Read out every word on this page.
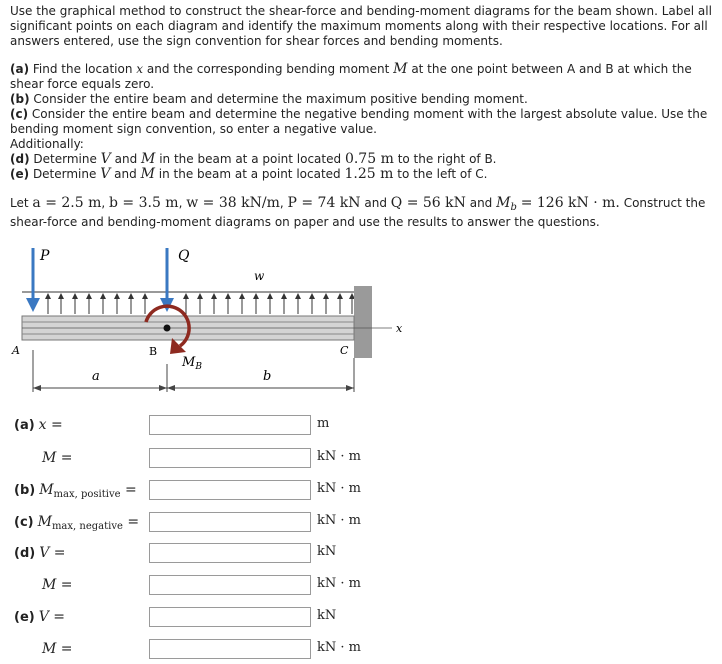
Use the graphical method to construct the shear-force and bending-moment diagrams for the beam shown. Label all significant points on each diagram and identify the maximum moments along with their respective locations. For all answers entered, use the sign convention for shear forces and bending moments.

(a) Find the location x and the corresponding bending moment M at the one point between A and B at which the shear force equals zero.

(b) Consider the entire beam and determine the maximum positive bending moment.

(c) Consider the entire beam and determine the negative bending moment with the largest absolute value. Use the bending moment sign convention, so enter a negative value.

Additionally:

(d) Determine V and M in the beam at a point located 0.75 m to the right of B.

(e) Determine V and M in the beam at a point located 1.25 m to the left of C.

Let a = 2.5 m, b = 3.5 m, w = 38 kN/m, P = 74 kN and Q = 56 kN and $M_b = 126$ kN · m. Construct the shear-force and bending-moment diagrams on paper and use the results to answer the questions.

P	Q
w
A	B	C
$M_B$
x
a	b
(a) x =	m
M =	kN · m
(b) $M_{max, positive}$ =	kN · m
(c) $M_{max, negative}$ =	kN · m
(d) V =	kN
M =	kN · m
(e) V =	kN
M =	kN · m
